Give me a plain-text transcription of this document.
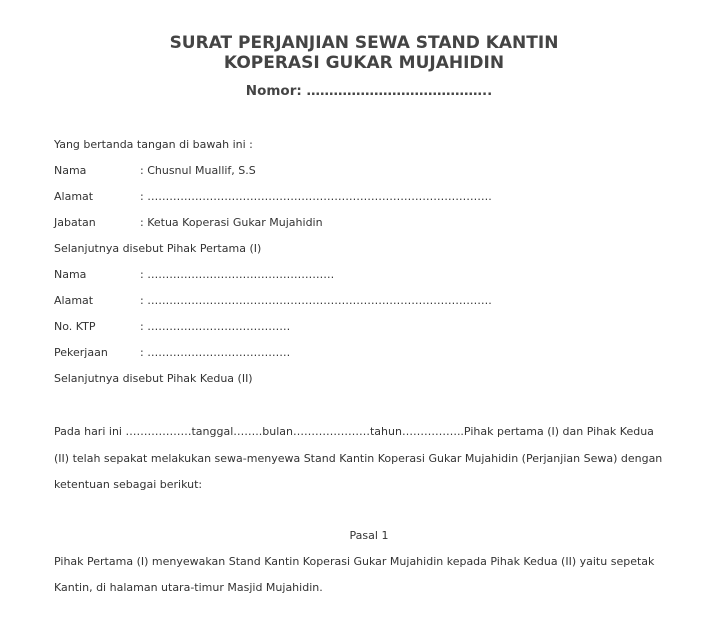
SURAT PERJANJIAN SEWA STAND KANTIN
KOPERASI GUKAR MUJAHIDIN
Nomor: …………………………………..
Yang bertanda tangan di bawah ini :
Nama	: Chusnul Muallif, S.S
Alamat	: ………………………………………………………………………………….
Jabatan	: Ketua Koperasi Gukar Mujahidin
Selanjutnya disebut Pihak Pertama (I)
Nama	: ……………………………………………
Alamat	: ………………………………………………………………………………….
No. KTP	: …………………………………
Pekerjaan	: …………………………………
Selanjutnya disebut Pihak Kedua (II)
Pada hari ini ………………tanggal……..bulan…………………tahun……………..Pihak pertama (I) dan Pihak Kedua
(II) telah sepakat melakukan sewa-menyewa Stand Kantin Koperasi Gukar Mujahidin (Perjanjian Sewa) dengan
ketentuan sebagai berikut:
Pasal 1
Pihak Pertama (I) menyewakan Stand Kantin Koperasi Gukar Mujahidin kepada Pihak Kedua (II) yaitu sepetak
Kantin, di halaman utara-timur Masjid Mujahidin.
